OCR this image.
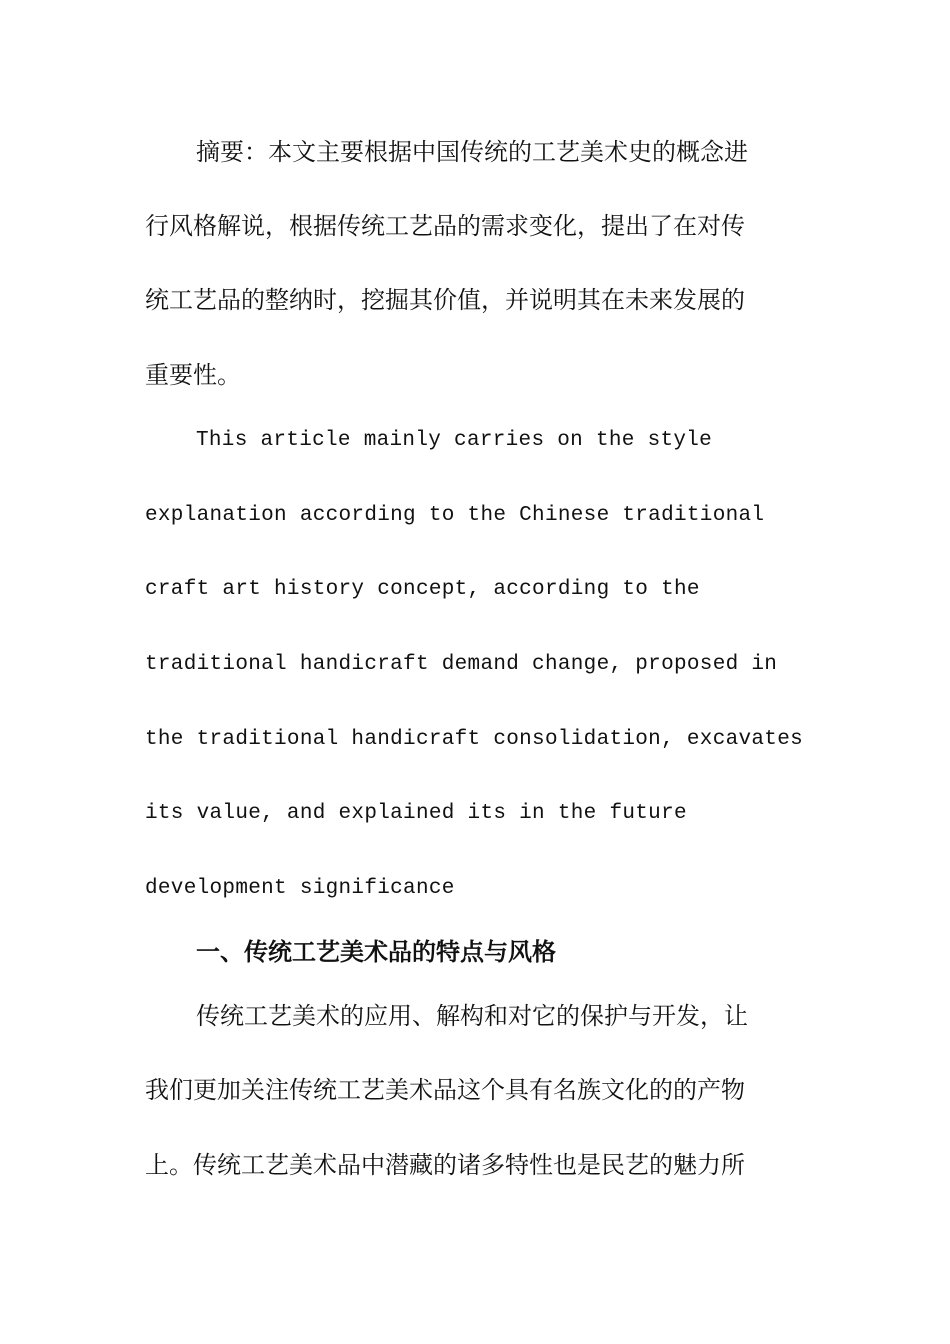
摘要：本文主要根据中国传统的工艺美术史的概念进
行风格解说，根据传统工艺品的需求变化，提出了在对传
统工艺品的整纳时，挖掘其价值，并说明其在未来发展的
重要性。
This article mainly carries on the style
explanation according to the Chinese traditional
craft art history concept, according to the
traditional handicraft demand change, proposed in
the traditional handicraft consolidation, excavates
its value, and explained its in the future
development significance
一、传统工艺美术品的特点与风格
传统工艺美术的应用、解构和对它的保护与开发，让
我们更加关注传统工艺美术品这个具有名族文化的的产物
上。传统工艺美术品中潜藏的诸多特性也是民艺的魅力所
